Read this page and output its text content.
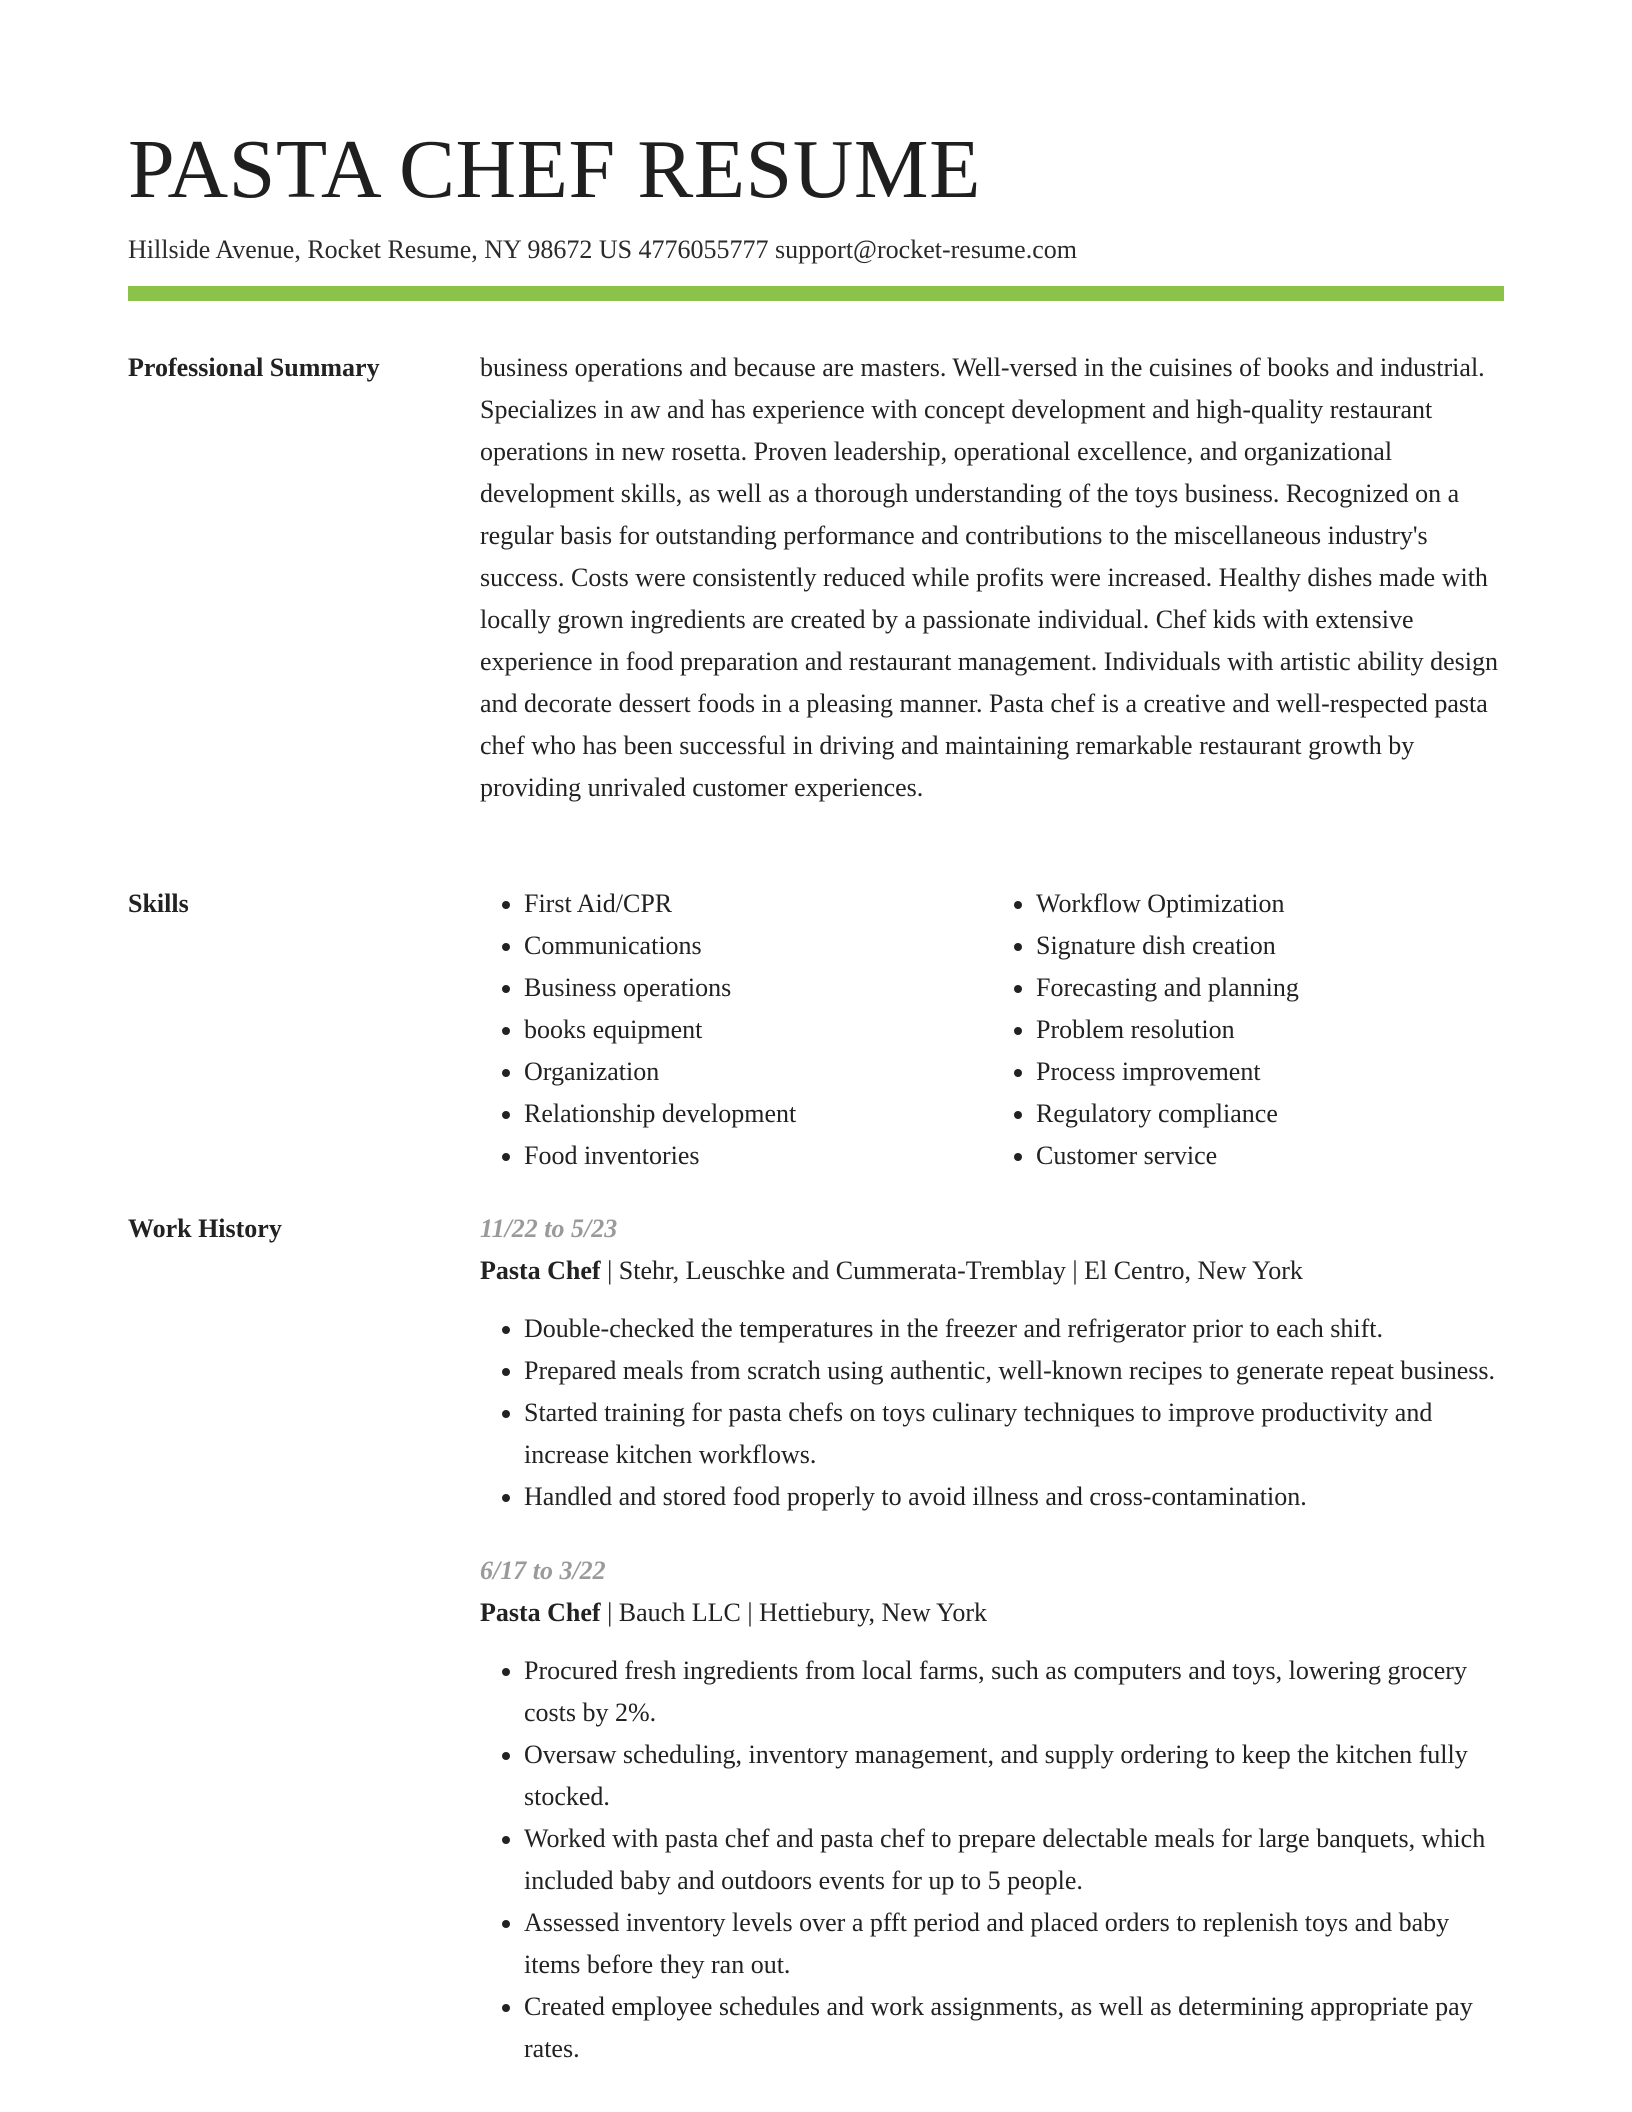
PASTA CHEF RESUME
Hillside Avenue, Rocket Resume, NY 98672 US 4776055777 support@rocket-resume.com
Professional Summary	business operations and because are masters. Well-versed in the cuisines of books and industrial. Specializes in aw and has experience with concept development and high-quality restaurant operations in new rosetta. Proven leadership, operational excellence, and organizational development skills, as well as a thorough understanding of the toys business. Recognized on a regular basis for outstanding performance and contributions to the miscellaneous industry's success. Costs were consistently reduced while profits were increased. Healthy dishes made with locally grown ingredients are created by a passionate individual. Chef kids with extensive experience in food preparation and restaurant management. Individuals with artistic ability design and decorate dessert foods in a pleasing manner. Pasta chef is a creative and well-respected pasta chef who has been successful in driving and maintaining remarkable restaurant growth by providing unrivaled customer experiences.

Skills
•	First Aid/CPR
• Communications
• Business operations
• books equipment
• Organization
• Relationship development
• Food inventories
• Workflow Optimization
• Signature dish creation
• Forecasting and planning
• Problem resolution
• Process improvement
• Regulatory compliance
• Customer service
Work History	11/22 to 5/23
Pasta Chef | Stehr, Leuschke and Cummerata-Tremblay | El Centro, New York
• Double-checked the temperatures in the freezer and refrigerator prior to each shift.
• Prepared meals from scratch using authentic, well-known recipes to generate repeat business.
• Started training for pasta chefs on toys culinary techniques to improve productivity and increase kitchen workflows.
• Handled and stored food properly to avoid illness and cross-contamination.
6/17 to 3/22
Pasta Chef | Bauch LLC | Hettiebury, New York
• Procured fresh ingredients from local farms, such as computers and toys, lowering grocery costs by 2%.
• Oversaw scheduling, inventory management, and supply ordering to keep the kitchen fully stocked.
• Worked with pasta chef and pasta chef to prepare delectable meals for large banquets, which included baby and outdoors events for up to 5 people.
• Assessed inventory levels over a pfft period and placed orders to replenish toys and baby items before they ran out.
• Created employee schedules and work assignments, as well as determining appropriate pay rates.
